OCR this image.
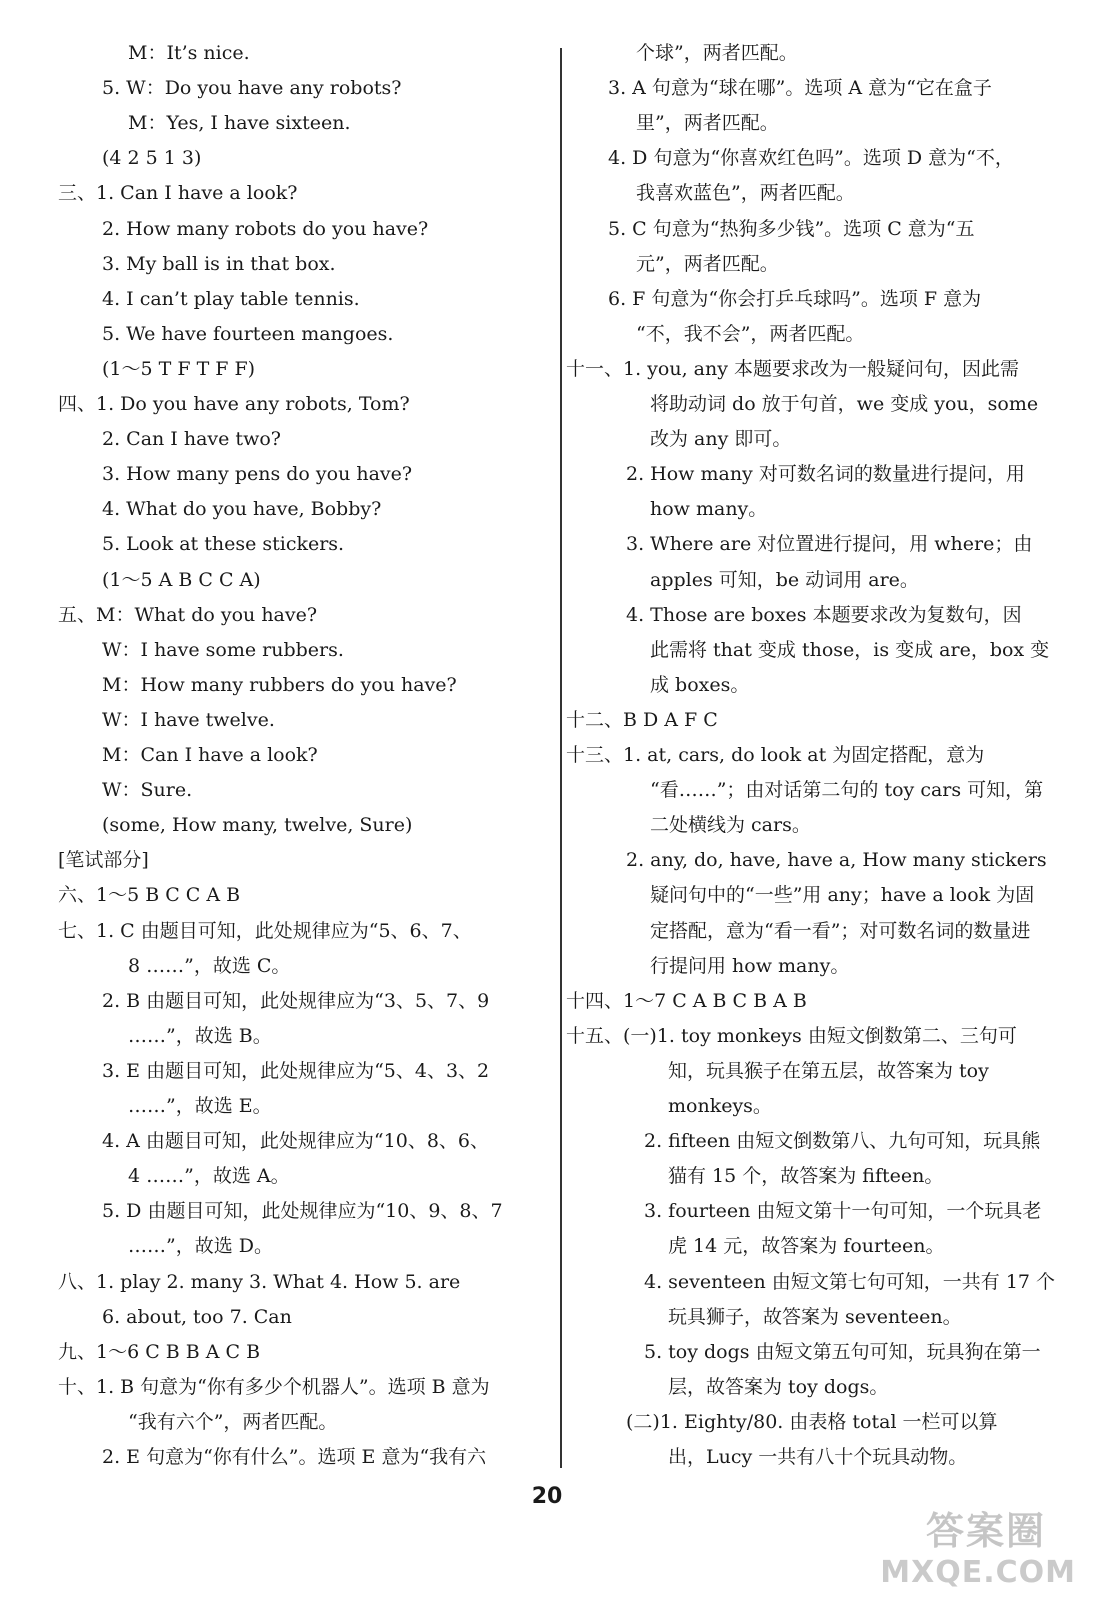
M：It’s nice.
5. W：Do you have any robots?
M：Yes, I have sixteen.
(4 2 5 1 3)
三、1. Can I have a look?
2. How many robots do you have?
3. My ball is in that box.
4. I can’t play table tennis.
5. We have fourteen mangoes.
(1～5 T F T F F)
四、1. Do you have any robots, Tom?
2. Can I have two?
3. How many pens do you have?
4. What do you have, Bobby?
5. Look at these stickers.
(1～5 A B C C A)
五、M：What do you have?
W：I have some rubbers.
M：How many rubbers do you have?
W：I have twelve.
M：Can I have a look?
W：Sure.
(some, How many, twelve, Sure)
[笔试部分]
六、1～5 B C C A B
七、1. C 由题目可知，此处规律应为“5、6、7、
8 ……”，故选 C。
2. B 由题目可知，此处规律应为“3、5、7、9
……”，故选 B。
3. E 由题目可知，此处规律应为“5、4、3、2
……”，故选 E。
4. A 由题目可知，此处规律应为“10、8、6、
4 ……”，故选 A。
5. D 由题目可知，此处规律应为“10、9、8、7
……”，故选 D。
八、1. play 2. many 3. What 4. How 5. are
6. about, too 7. Can
九、1～6 C B B A C B
十、1. B 句意为“你有多少个机器人”。选项 B 意为
“我有六个”，两者匹配。
2. E 句意为“你有什么”。选项 E 意为“我有六
个球”，两者匹配。
3. A 句意为“球在哪”。选项 A 意为“它在盒子
里”，两者匹配。
4. D 句意为“你喜欢红色吗”。选项 D 意为“不，
我喜欢蓝色”，两者匹配。
5. C 句意为“热狗多少钱”。选项 C 意为“五
元”，两者匹配。
6. F 句意为“你会打乒乓球吗”。选项 F 意为
“不，我不会”，两者匹配。
十一、1. you, any 本题要求改为一般疑问句，因此需
将助动词 do 放于句首，we 变成 you，some
改为 any 即可。
2. How many 对可数名词的数量进行提问，用
how many。
3. Where are 对位置进行提问，用 where；由
apples 可知，be 动词用 are。
4. Those are boxes 本题要求改为复数句，因
此需将 that 变成 those，is 变成 are，box 变
成 boxes。
十二、B D A F C
十三、1. at, cars, do look at 为固定搭配，意为
“看……”；由对话第二句的 toy cars 可知，第
二处横线为 cars。
2. any, do, have, have a, How many stickers
疑问句中的“一些”用 any；have a look 为固
定搭配，意为“看一看”；对可数名词的数量进
行提问用 how many。
十四、1～7 C A B C B A B
十五、(一)1. toy monkeys 由短文倒数第二、三句可
知，玩具猴子在第五层，故答案为 toy
monkeys。
2. fifteen 由短文倒数第八、九句可知，玩具熊
猫有 15 个，故答案为 fifteen。
3. fourteen 由短文第十一句可知，一个玩具老
虎 14 元，故答案为 fourteen。
4. seventeen 由短文第七句可知，一共有 17 个
玩具狮子，故答案为 seventeen。
5. toy dogs 由短文第五句可知，玩具狗在第一
层，故答案为 toy dogs。
(二)1. Eighty/80. 由表格 total 一栏可以算
出，Lucy 一共有八十个玩具动物。
20
答案圈
MXQE.COM
